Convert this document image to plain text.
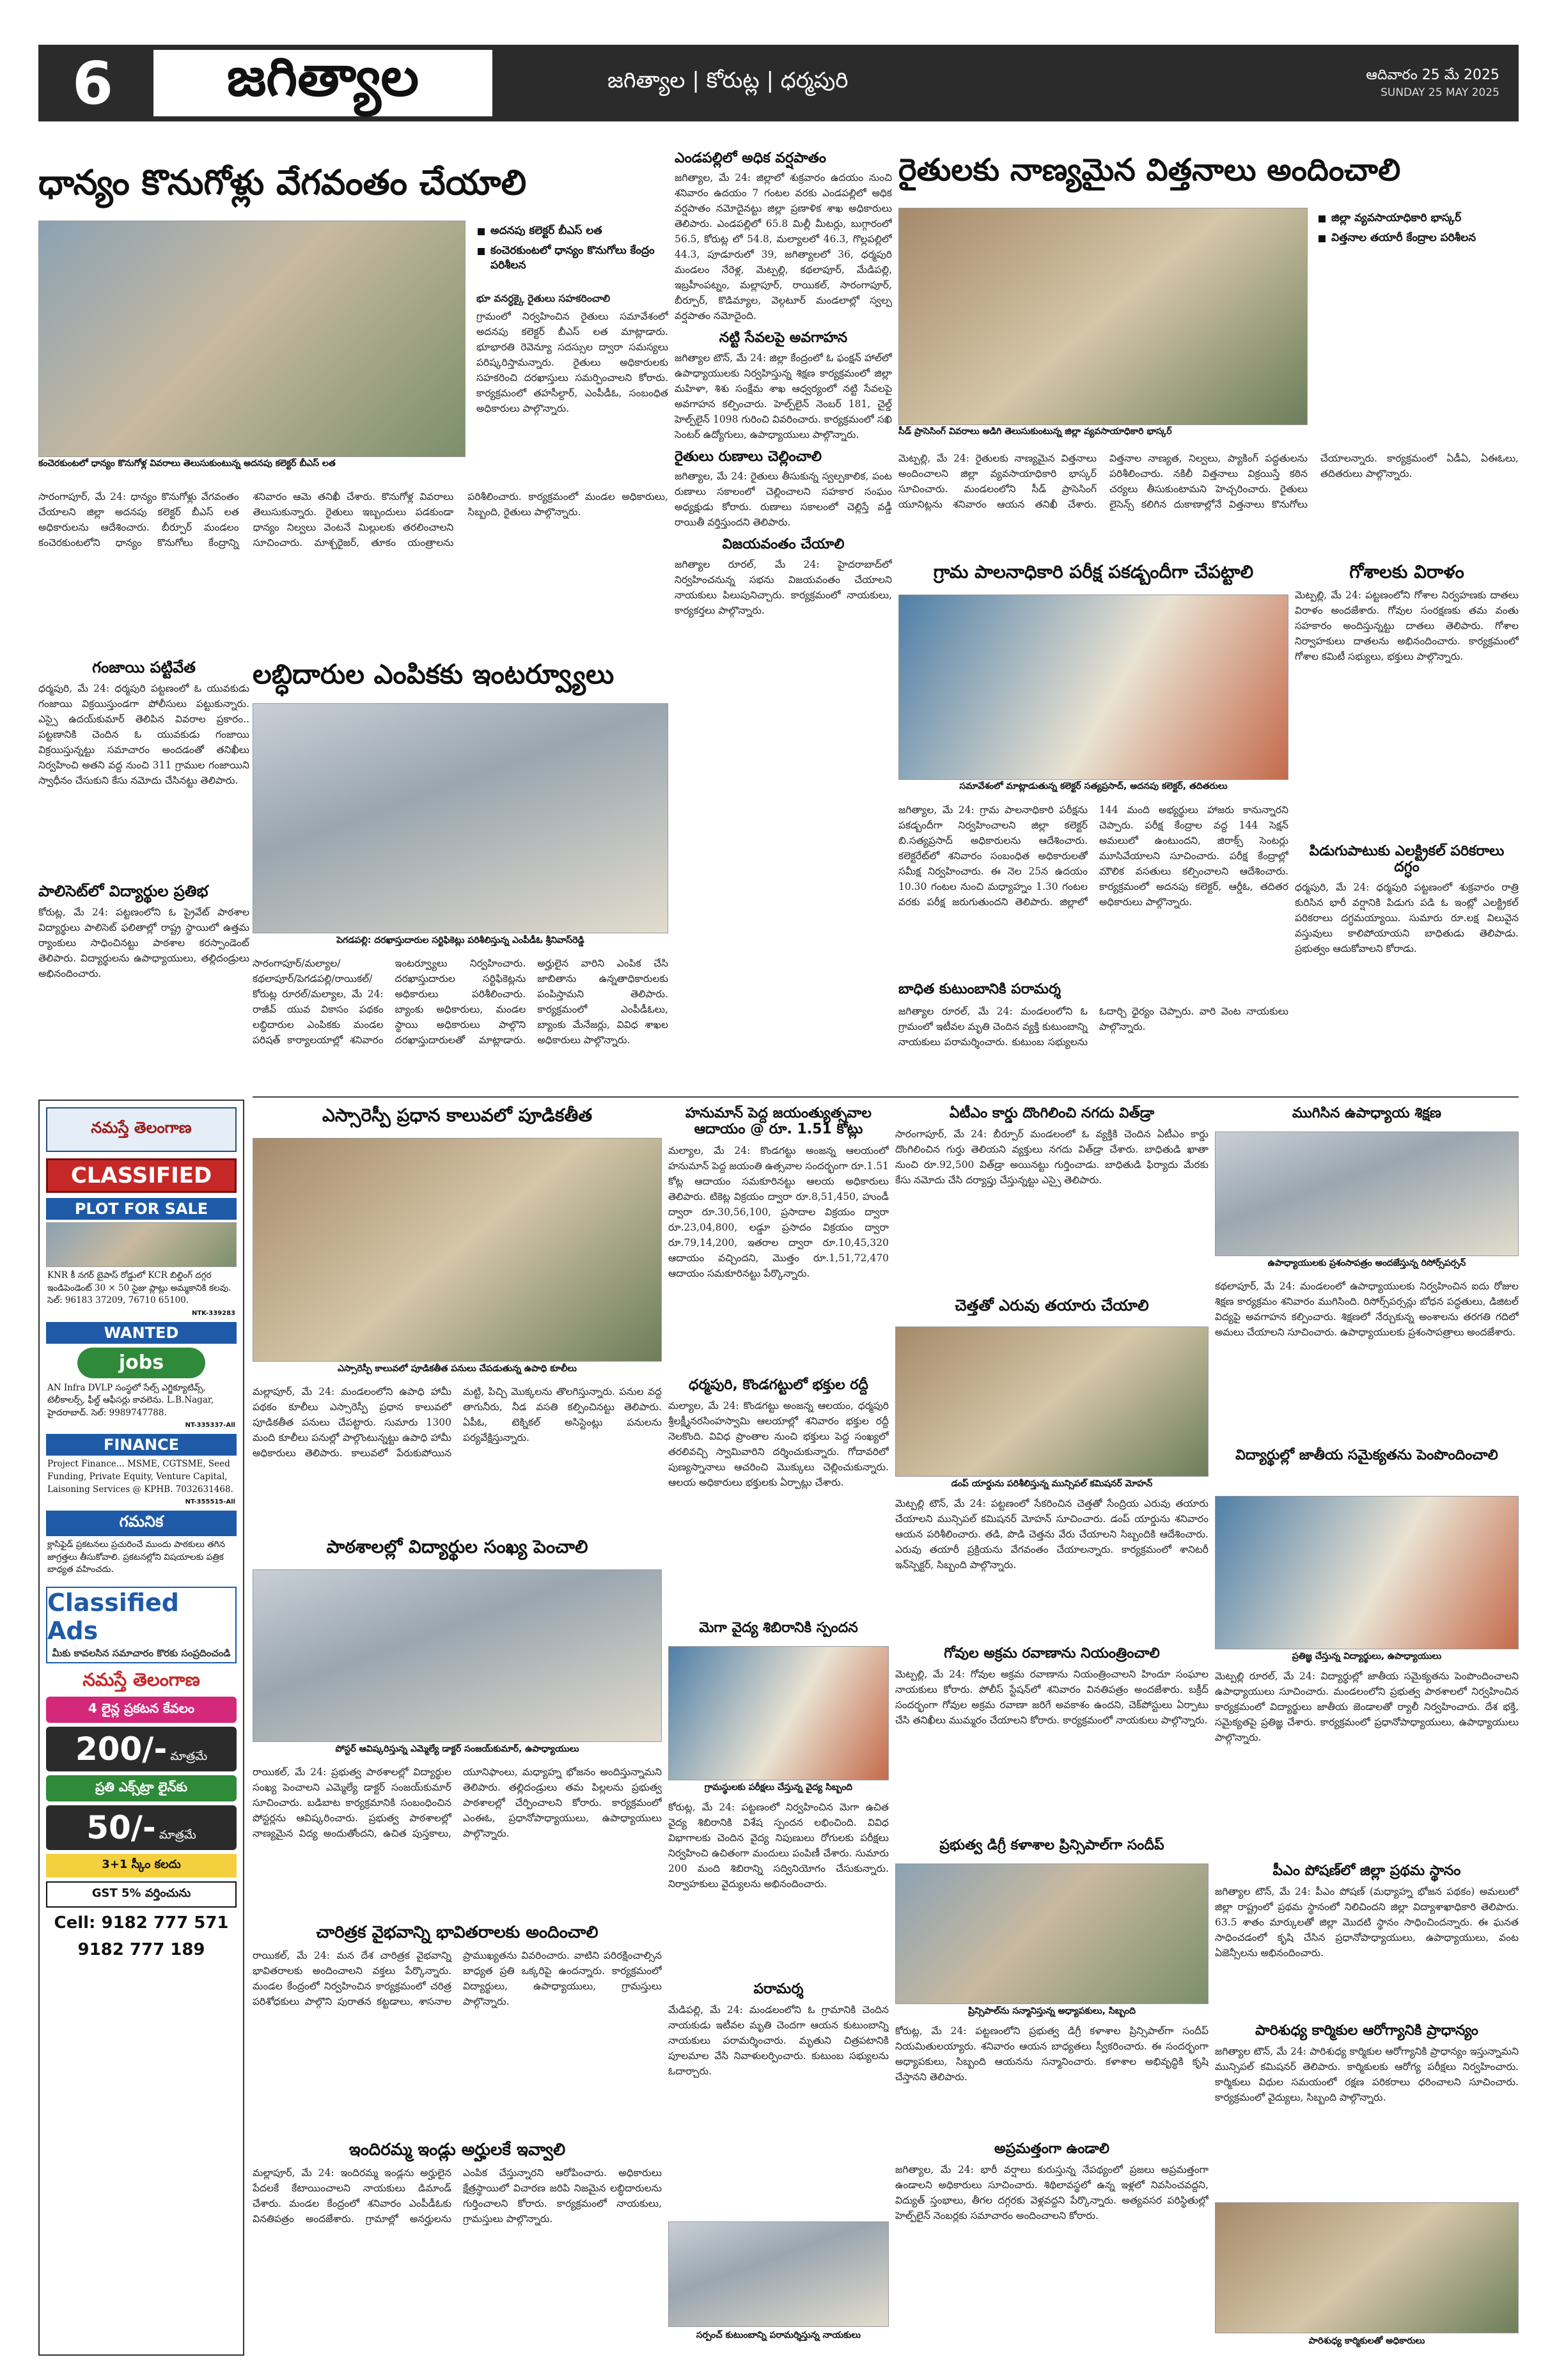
6	జగిత్యాల	జగిత్యాల | కోరుట్ల | ధర్మపురి	ఆదివారం 25 మే 2025
SUNDAY 25 MAY 2025
ధాన్యం కొనుగోళ్లు వేగవంతం చేయాలి
కంచెరకుంటలో ధాన్యం కొనుగోళ్ల వివరాలు తెలుసుకుంటున్న అదనపు కలెక్టర్ బీఎస్ లత
అదనపు కలెక్టర్ బీఎస్ లత
కంచెరకుంటలో ధాన్యం కొనుగోలు కేంద్రం పరిశీలన
భూ వనర్ధక్కై రైతులు సహకరించాలి
గ్రామంలో నిర్వహించిన రైతులు సమావేశంలో అదనపు కలెక్టర్ బీఎస్ లత మాట్లాడారు. భూభారతి రెవెన్యూ సదస్సుల ద్వారా సమస్యలు పరిష్కరిస్తామన్నారు. రైతులు అధికారులకు సహకరించి దరఖాస్తులు సమర్పించాలని కోరారు. కార్యక్రమంలో తహసీల్దార్, ఎంపీడీఓ, సంబంధిత అధికారులు పాల్గొన్నారు.
సారంగాపూర్, మే 24: ధాన్యం కొనుగోళ్లు వేగవంతం చేయాలని జిల్లా అదనపు కలెక్టర్ బీఎస్ లత అధికారులను ఆదేశించారు. బీర్పూర్ మండలం కంచెరకుంటలోని ధాన్యం కొనుగోలు కేంద్రాన్ని శనివారం ఆమె తనిఖీ చేశారు. కొనుగోళ్ల వివరాలు తెలుసుకున్నారు. రైతులు ఇబ్బందులు పడకుండా ధాన్యం నిల్వలు వెంటనే మిల్లులకు తరలించాలని సూచించారు. మాశ్చరైజర్, తూకం యంత్రాలను పరిశీలించారు. కార్యక్రమంలో మండల అధికారులు, సిబ్బంది, రైతులు పాల్గొన్నారు.
గంజాయి పట్టివేత
ధర్మపురి, మే 24: ధర్మపురి పట్టణంలో ఓ యువకుడు గంజాయి విక్రయిస్తుండగా పోలీసులు పట్టుకున్నారు. ఎస్సై ఉదయ్‌కుమార్ తెలిపిన వివరాల ప్రకారం.. పట్టణానికి చెందిన ఓ యువకుడు గంజాయి విక్రయిస్తున్నట్టు సమాచారం అందడంతో తనిఖీలు నిర్వహించి అతని వద్ద నుంచి 311 గ్రాముల గంజాయిని స్వాధీనం చేసుకుని కేసు నమోదు చేసినట్టు తెలిపారు.
పాలిసెట్‌లో విద్యార్థుల ప్రతిభ
కోరుట్ల, మే 24: పట్టణంలోని ఓ ప్రైవేట్ పాఠశాల విద్యార్థులు పాలిసెట్ ఫలితాల్లో రాష్ట్ర స్థాయిలో ఉత్తమ ర్యాంకులు సాధించినట్టు పాఠశాల కరస్పాండెంట్ తెలిపారు. విద్యార్థులను ఉపాధ్యాయులు, తల్లిదండ్రులు అభినందించారు.
లబ్ధిదారుల ఎంపికకు ఇంటర్వ్యూలు
పెగడపల్లి: దరఖాస్తుదారుల సర్టిఫికెట్లు పరిశీలిస్తున్న ఎంపీడీఓ శ్రీనివాస్‌రెడ్డి
సారంగాపూర్/మల్యాల/కథలాపూర్/పెగడపల్లి/రాయికల్/కోరుట్ల రూరల్/మల్యాల, మే 24: రాజీవ్ యువ వికాసం పథకం లబ్ధిదారుల ఎంపికకు మండల పరిషత్ కార్యాలయాల్లో శనివారం ఇంటర్వ్యూలు నిర్వహించారు. దరఖాస్తుదారుల సర్టిఫికెట్లను అధికారులు పరిశీలించారు. బ్యాంకు అధికారులు, మండల స్థాయి అధికారులు పాల్గొని దరఖాస్తుదారులతో మాట్లాడారు. అర్హులైన వారిని ఎంపిక చేసి జాబితాను ఉన్నతాధికారులకు పంపిస్తామని తెలిపారు. కార్యక్రమంలో ఎంపీడీఓలు, బ్యాంకు మేనేజర్లు, వివిధ శాఖల అధికారులు పాల్గొన్నారు.
ఎండపల్లిలో అధిక వర్షపాతం
జగిత్యాల, మే 24: జిల్లాలో శుక్రవారం ఉదయం నుంచి శనివారం ఉదయం 7 గంటల వరకు ఎండపల్లిలో అధిక వర్షపాతం నమోదైనట్టు జిల్లా ప్రణాళిక శాఖ అధికారులు తెలిపారు. ఎండపల్లిలో 65.8 మిల్లీ మీటర్లు, బుగ్గారంలో 56.5, కోరుట్ల లో 54.8, మల్యాలలో 46.3, గొల్లపల్లిలో 44.3, పూడూరులో 39, జగిత్యాలలో 36, ధర్మపురి మండలం నేరెళ్ల, మెట్పల్లి, కథలాపూర్, మేడిపల్లి, ఇబ్రహీంపట్నం, మల్లాపూర్, రాయికల్, సారంగాపూర్, బీర్పూర్, కొడిమ్యాల, వెల్గటూర్ మండలాల్లో స్వల్ప వర్షపాతం నమోదైంది.
నట్టి సేవలపై అవగాహన
జగిత్యాల టౌన్, మే 24: జిల్లా కేంద్రంలో ఓ ఫంక్షన్ హాల్‌లో ఉపాధ్యాయులకు నిర్వహిస్తున్న శిక్షణ కార్యక్రమంలో జిల్లా మహిళా, శిశు సంక్షేమ శాఖ ఆధ్వర్యంలో నట్టి సేవలపై అవగాహన కల్పించారు. హెల్ప్‌లైన్ నెంబర్ 181, చైల్డ్ హెల్ప్‌లైన్ 1098 గురించి వివరించారు. కార్యక్రమంలో సఖి సెంటర్ ఉద్యోగులు, ఉపాధ్యాయులు పాల్గొన్నారు.
రైతులు రుణాలు చెల్లించాలి
జగిత్యాల, మే 24: రైతులు తీసుకున్న స్వల్పకాలిక, పంట రుణాలు సకాలంలో చెల్లించాలని సహకార సంఘం అధ్యక్షుడు కోరారు. రుణాలు సకాలంలో చెల్లిస్తే వడ్డీ రాయితీ వర్తిస్తుందని తెలిపారు.
విజయవంతం చేయాలి
జగిత్యాల రూరల్, మే 24: హైదరాబాద్‌లో నిర్వహించనున్న సభను విజయవంతం చేయాలని నాయకులు పిలుపునిచ్చారు. కార్యక్రమంలో నాయకులు, కార్యకర్తలు పాల్గొన్నారు.
రైతులకు నాణ్యమైన విత్తనాలు అందించాలి
సీడ్ ప్రాసెసింగ్ వివరాలు అడిగి తెలుసుకుంటున్న జిల్లా వ్యవసాయాధికారి భాస్కర్
జిల్లా వ్యవసాయాధికారి భాస్కర్
విత్తనాల తయారీ కేంద్రాల పరిశీలన
మెట్పల్లి, మే 24: రైతులకు నాణ్యమైన విత్తనాలు అందించాలని జిల్లా వ్యవసాయాధికారి భాస్కర్ సూచించారు. మండలంలోని సీడ్ ప్రాసెసింగ్ యూనిట్లను శనివారం ఆయన తనిఖీ చేశారు. విత్తనాల నాణ్యత, నిల్వలు, ప్యాకింగ్ పద్ధతులను పరిశీలించారు. నకిలీ విత్తనాలు విక్రయిస్తే కఠిన చర్యలు తీసుకుంటామని హెచ్చరించారు. రైతులు లైసెన్స్ కలిగిన దుకాణాల్లోనే విత్తనాలు కొనుగోలు చేయాలన్నారు. కార్యక్రమంలో ఏడీఏ, ఏఈఓలు, తదితరులు పాల్గొన్నారు.
గ్రామ పాలనాధికారి పరీక్ష పకడ్బందీగా చేపట్టాలి
సమావేశంలో మాట్లాడుతున్న కలెక్టర్ సత్యప్రసాద్, అదనపు కలెక్టర్, తదితరులు
జగిత్యాల, మే 24: గ్రామ పాలనాధికారి పరీక్షను పకడ్బందీగా నిర్వహించాలని జిల్లా కలెక్టర్ బి.సత్యప్రసాద్ అధికారులను ఆదేశించారు. కలెక్టరేట్‌లో శనివారం సంబంధిత అధికారులతో సమీక్ష నిర్వహించారు. ఈ నెల 25న ఉదయం 10.30 గంటల నుంచి మధ్యాహ్నం 1.30 గంటల వరకు పరీక్ష జరుగుతుందని తెలిపారు. జిల్లాలో 144 మంది అభ్యర్థులు హాజరు కానున్నారని చెప్పారు. పరీక్ష కేంద్రాల వద్ద 144 సెక్షన్ అమలులో ఉంటుందని, జిరాక్స్ సెంటర్లు మూసివేయాలని సూచించారు. పరీక్ష కేంద్రాల్లో మౌలిక వసతులు కల్పించాలని ఆదేశించారు. కార్యక్రమంలో అదనపు కలెక్టర్, ఆర్డీఓ, తదితర అధికారులు పాల్గొన్నారు.
బాధిత కుటుంబానికి పరామర్శ
జగిత్యాల రూరల్, మే 24: మండలంలోని ఓ గ్రామంలో ఇటీవల మృతి చెందిన వ్యక్తి కుటుంబాన్ని నాయకులు పరామర్శించారు. కుటుంబ సభ్యులను ఓదార్చి ధైర్యం చెప్పారు. వారి వెంట నాయకులు పాల్గొన్నారు.
గోశాలకు విరాళం
మెట్పల్లి, మే 24: పట్టణంలోని గోశాల నిర్వహణకు దాతలు విరాళం అందజేశారు. గోవుల సంరక్షణకు తమ వంతు సహకారం అందిస్తున్నట్టు దాతలు తెలిపారు. గోశాల నిర్వాహకులు దాతలను అభినందించారు. కార్యక్రమంలో గోశాల కమిటీ సభ్యులు, భక్తులు పాల్గొన్నారు.
పిడుగుపాటుకు ఎలక్ట్రికల్ పరికరాలు దగ్ధం
ధర్మపురి, మే 24: ధర్మపురి పట్టణంలో శుక్రవారం రాత్రి కురిసిన భారీ వర్షానికి పిడుగు పడి ఓ ఇంట్లో ఎలక్ట్రికల్ పరికరాలు దగ్ధమయ్యాయి. సుమారు రూ.లక్ష విలువైన వస్తువులు కాలిపోయాయని బాధితుడు తెలిపాడు. ప్రభుత్వం ఆదుకోవాలని కోరాడు.
నమస్తే తెలంగాణ
CLASSIFIED
PLOT FOR SALE
KNR కీ నగర్ బైపాస్ రోడ్డులో KCR బిల్డింగ్ దగ్గర ఇండిపెండెంట్ 30 × 50 సైజు ప్లాట్లు అమ్మకానికి కలవు. సెల్: 96183 37209, 76710 65100.
NTK-339283
WANTED
jobs
AN Infra DVLP సంస్థలో సేల్స్ ఎగ్జిక్యూటివ్స్, టెలీకాలర్స్, ఫీల్డ్ ఆఫీసర్లు కావలెను. L.B.Nagar, హైదరాబాద్. సెల్: 9989747788.
NT-335337-All
FINANCE
Project Finance... MSME, CGTSME, Seed Funding, Private Equity, Venture Capital, Laisoning Services @ KPHB. 7032631468.
NT-355515-All
గమనిక
క్లాసిఫైడ్ ప్రకటనలు ప్రచురించే ముందు పాఠకులు తగిన జాగ్రత్తలు తీసుకోవాలి. ప్రకటనల్లోని విషయాలకు పత్రిక బాధ్యత వహించదు.
Classified Ads
మీకు కావలసిన సమాచారం కొరకు సంప్రదించండి
నమస్తే తెలంగాణ
4 లైన్ల ప్రకటన కేవలం
200/- మాత్రమే
ప్రతి ఎక్స్‌ట్రా లైన్‌కు
50/- మాత్రమే
3+1 స్కీం కలదు
GST 5% వర్తించును
Cell: 9182 777 571
9182 777 189
ఎస్సారెస్పీ ప్రధాన కాలువలో పూడికతీత
ఎస్సారెస్పీ కాలువలో పూడికతీత పనులు చేపడుతున్న ఉపాధి కూలీలు
మల్లాపూర్, మే 24: మండలంలోని ఉపాధి హామీ పథకం కూలీలు ఎస్సారెస్పీ ప్రధాన కాలువలో పూడికతీత పనులు చేపట్టారు. సుమారు 1300 మంది కూలీలు పనుల్లో పాల్గొంటున్నట్టు ఉపాధి హామీ అధికారులు తెలిపారు. కాలువలో పేరుకుపోయిన మట్టి, పిచ్చి మొక్కలను తొలగిస్తున్నారు. పనుల వద్ద తాగునీరు, నీడ వసతి కల్పించినట్టు తెలిపారు. ఏపీఓ, టెక్నికల్ అసిస్టెంట్లు పనులను పర్యవేక్షిస్తున్నారు.
పాఠశాలల్లో విద్యార్థుల సంఖ్య పెంచాలి
పోస్టర్ ఆవిష్కరిస్తున్న ఎమ్మెల్యే డాక్టర్ సంజయ్‌కుమార్, ఉపాధ్యాయులు
రాయికల్, మే 24: ప్రభుత్వ పాఠశాలల్లో విద్యార్థుల సంఖ్య పెంచాలని ఎమ్మెల్యే డాక్టర్ సంజయ్‌కుమార్ సూచించారు. బడిబాట కార్యక్రమానికి సంబంధించిన పోస్టర్లను ఆవిష్కరించారు. ప్రభుత్వ పాఠశాలల్లో నాణ్యమైన విద్య అందుతోందని, ఉచిత పుస్తకాలు, యూనిఫాంలు, మధ్యాహ్న భోజనం అందిస్తున్నామని తెలిపారు. తల్లిదండ్రులు తమ పిల్లలను ప్రభుత్వ పాఠశాలల్లో చేర్పించాలని కోరారు. కార్యక్రమంలో ఎంఈఓ, ప్రధానోపాధ్యాయులు, ఉపాధ్యాయులు పాల్గొన్నారు.
చారిత్రక వైభవాన్ని భావితరాలకు అందించాలి
రాయికల్, మే 24: మన దేశ చారిత్రక వైభవాన్ని భావితరాలకు అందించాలని వక్తలు పేర్కొన్నారు. మండల కేంద్రంలో నిర్వహించిన కార్యక్రమంలో చరిత్ర పరిశోధకులు పాల్గొని పురాతన కట్టడాలు, శాసనాల ప్రాముఖ్యతను వివరించారు. వాటిని పరిరక్షించాల్సిన బాధ్యత ప్రతి ఒక్కరిపై ఉందన్నారు. కార్యక్రమంలో విద్యార్థులు, ఉపాధ్యాయులు, గ్రామస్తులు పాల్గొన్నారు.
ఇందిరమ్మ ఇండ్లు అర్హులకే ఇవ్వాలి
మల్లాపూర్, మే 24: ఇందిరమ్మ ఇండ్లను అర్హులైన పేదలకే కేటాయించాలని నాయకులు డిమాండ్ చేశారు. మండల కేంద్రంలో శనివారం ఎంపీడీఓకు వినతిపత్రం అందజేశారు. గ్రామాల్లో అనర్హులను ఎంపిక చేస్తున్నారని ఆరోపించారు. అధికారులు క్షేత్రస్థాయిలో విచారణ జరిపి నిజమైన లబ్ధిదారులను గుర్తించాలని కోరారు. కార్యక్రమంలో నాయకులు, గ్రామస్తులు పాల్గొన్నారు.
హనుమాన్ పెద్ద జయంత్యుత్సవాల ఆదాయం @ రూ. 1.51 కోట్లు
మల్యాల, మే 24: కొండగట్టు అంజన్న ఆలయంలో హనుమాన్ పెద్ద జయంతి ఉత్సవాల సందర్భంగా రూ.1.51 కోట్ల ఆదాయం సమకూరినట్టు ఆలయ అధికారులు తెలిపారు. టికెట్ల విక్రయం ద్వారా రూ.8,51,450, హుండీ ద్వారా రూ.30,56,100, ప్రసాదాల విక్రయం ద్వారా రూ.23,04,800, లడ్డూ ప్రసాదం విక్రయం ద్వారా రూ.79,14,200, ఇతరాల ద్వారా రూ.10,45,320 ఆదాయం వచ్చిందని, మొత్తం రూ.1,51,72,470 ఆదాయం సమకూరినట్టు పేర్కొన్నారు.
ధర్మపురి, కొండగట్టులో భక్తుల రద్దీ
మల్యాల, మే 24: కొండగట్టు అంజన్న ఆలయం, ధర్మపురి శ్రీలక్ష్మీనరసింహస్వామి ఆలయాల్లో శనివారం భక్తుల రద్దీ నెలకొంది. వివిధ ప్రాంతాల నుంచి భక్తులు పెద్ద సంఖ్యలో తరలివచ్చి స్వామివారిని దర్శించుకున్నారు. గోదావరిలో పుణ్యస్నానాలు ఆచరించి మొక్కులు చెల్లించుకున్నారు. ఆలయ అధికారులు భక్తులకు ఏర్పాట్లు చేశారు.
మెగా వైద్య శిబిరానికి స్పందన
గ్రామస్థులకు పరీక్షలు చేస్తున్న వైద్య సిబ్బంది
కోరుట్ల, మే 24: పట్టణంలో నిర్వహించిన మెగా ఉచిత వైద్య శిబిరానికి విశేష స్పందన లభించింది. వివిధ విభాగాలకు చెందిన వైద్య నిపుణులు రోగులకు పరీక్షలు నిర్వహించి ఉచితంగా మందులు పంపిణీ చేశారు. సుమారు 200 మంది శిబిరాన్ని సద్వినియోగం చేసుకున్నారు. నిర్వాహకులు వైద్యులను అభినందించారు.
పరామర్శ
మేడిపల్లి, మే 24: మండలంలోని ఓ గ్రామానికి చెందిన నాయకుడు ఇటీవల మృతి చెందగా ఆయన కుటుంబాన్ని నాయకులు పరామర్శించారు. మృతుని చిత్రపటానికి పూలమాల వేసి నివాళులర్పించారు. కుటుంబ సభ్యులను ఓదార్చారు.
సర్పంచ్ కుటుంబాన్ని పరామర్శిస్తున్న నాయకులు
ఏటీఎం కార్డు దొంగిలించి నగదు విత్‌డ్రా
సారంగాపూర్, మే 24: బీర్పూర్ మండలంలో ఓ వ్యక్తికి చెందిన ఏటీఎం కార్డు దొంగిలించిన గుర్తు తెలియని వ్యక్తులు నగదు విత్‌డ్రా చేశారు. బాధితుడి ఖాతా నుంచి రూ.92,500 విత్‌డ్రా అయినట్టు గుర్తించాడు. బాధితుడి ఫిర్యాదు మేరకు కేసు నమోదు చేసి దర్యాప్తు చేస్తున్నట్టు ఎస్సై తెలిపారు.
చెత్తతో ఎరువు తయారు చేయాలి
డంప్ యార్డును పరిశీలిస్తున్న మున్సిపల్ కమిషనర్ మోహన్
మెట్పల్లి టౌన్, మే 24: పట్టణంలో సేకరించిన చెత్తతో సేంద్రియ ఎరువు తయారు చేయాలని మున్సిపల్ కమిషనర్ మోహన్ సూచించారు. డంప్ యార్డును శనివారం ఆయన పరిశీలించారు. తడి, పొడి చెత్తను వేరు చేయాలని సిబ్బందికి ఆదేశించారు. ఎరువు తయారీ ప్రక్రియను వేగవంతం చేయాలన్నారు. కార్యక్రమంలో శానిటరీ ఇన్‌స్పెక్టర్, సిబ్బంది పాల్గొన్నారు.
గోవుల అక్రమ రవాణాను నియంత్రించాలి
మెట్పల్లి, మే 24: గోవుల అక్రమ రవాణాను నియంత్రించాలని హిందూ సంఘాల నాయకులు కోరారు. పోలీస్ స్టేషన్‌లో శనివారం వినతిపత్రం అందజేశారు. బక్రీద్ సందర్భంగా గోవుల అక్రమ రవాణా జరిగే అవకాశం ఉందని, చెక్‌పోస్టులు ఏర్పాటు చేసి తనిఖీలు ముమ్మరం చేయాలని కోరారు. కార్యక్రమంలో నాయకులు పాల్గొన్నారు.
ప్రభుత్వ డిగ్రీ కళాశాల ప్రిన్సిపాల్‌గా సందీప్
ప్రిన్సిపాల్‌ను సన్మానిస్తున్న అధ్యాపకులు, సిబ్బంది
కోరుట్ల, మే 24: పట్టణంలోని ప్రభుత్వ డిగ్రీ కళాశాల ప్రిన్సిపాల్‌గా సందీప్ నియమితులయ్యారు. శనివారం ఆయన బాధ్యతలు స్వీకరించారు. ఈ సందర్భంగా అధ్యాపకులు, సిబ్బంది ఆయనను సన్మానించారు. కళాశాల అభివృద్ధికి కృషి చేస్తానని తెలిపారు.
అప్రమత్తంగా ఉండాలి
జగిత్యాల, మే 24: భారీ వర్షాలు కురుస్తున్న నేపథ్యంలో ప్రజలు అప్రమత్తంగా ఉండాలని అధికారులు సూచించారు. శిథిలావస్థలో ఉన్న ఇళ్లలో నివసించవద్దని, విద్యుత్ స్తంభాలు, తీగల దగ్గరకు వెళ్లవద్దని పేర్కొన్నారు. అత్యవసర పరిస్థితుల్లో హెల్ప్‌లైన్ నెంబర్లకు సమాచారం అందించాలని కోరారు.
ముగిసిన ఉపాధ్యాయ శిక్షణ
ఉపాధ్యాయులకు ప్రశంసాపత్రం అందజేస్తున్న రిసోర్స్‌పర్సన్
కథలాపూర్, మే 24: మండలంలో ఉపాధ్యాయులకు నిర్వహించిన ఐదు రోజుల శిక్షణ కార్యక్రమం శనివారం ముగిసింది. రిసోర్స్‌పర్సన్లు బోధన పద్ధతులు, డిజిటల్ విద్యపై అవగాహన కల్పించారు. శిక్షణలో నేర్చుకున్న అంశాలను తరగతి గదిలో అమలు చేయాలని సూచించారు. ఉపాధ్యాయులకు ప్రశంసాపత్రాలు అందజేశారు.
విద్యార్థుల్లో జాతీయ సమైక్యతను పెంపొందించాలి
ప్రతిజ్ఞ చేస్తున్న విద్యార్థులు, ఉపాధ్యాయులు
మెట్పల్లి రూరల్, మే 24: విద్యార్థుల్లో జాతీయ సమైక్యతను పెంపొందించాలని ఉపాధ్యాయులు సూచించారు. మండలంలోని ప్రభుత్వ పాఠశాలలో నిర్వహించిన కార్యక్రమంలో విద్యార్థులు జాతీయ జెండాలతో ర్యాలీ నిర్వహించారు. దేశ భక్తి, సమైక్యతపై ప్రతిజ్ఞ చేశారు. కార్యక్రమంలో ప్రధానోపాధ్యాయులు, ఉపాధ్యాయులు పాల్గొన్నారు.
పీఎం పోషణ్‌లో జిల్లా ప్రథమ స్థానం
జగిత్యాల టౌన్, మే 24: పీఎం పోషణ్ (మధ్యాహ్న భోజన పథకం) అమలులో జిల్లా రాష్ట్రంలో ప్రథమ స్థానంలో నిలిచిందని జిల్లా విద్యాశాఖాధికారి తెలిపారు. 63.5 శాతం మార్కులతో జిల్లా మొదటి స్థానం సాధించిందన్నారు. ఈ ఘనత సాధించడంలో కృషి చేసిన ప్రధానోపాధ్యాయులు, ఉపాధ్యాయులు, వంట ఏజెన్సీలను అభినందించారు.
పారిశుధ్య కార్మికుల ఆరోగ్యానికి ప్రాధాన్యం
జగిత్యాల టౌన్, మే 24: పారిశుధ్య కార్మికుల ఆరోగ్యానికి ప్రాధాన్యం ఇస్తున్నామని మున్సిపల్ కమిషనర్ తెలిపారు. కార్మికులకు ఆరోగ్య పరీక్షలు నిర్వహించారు. కార్మికులు విధుల సమయంలో రక్షణ పరికరాలు ధరించాలని సూచించారు. కార్యక్రమంలో వైద్యులు, సిబ్బంది పాల్గొన్నారు.
పారిశుధ్య కార్మికులతో అధికారులు
